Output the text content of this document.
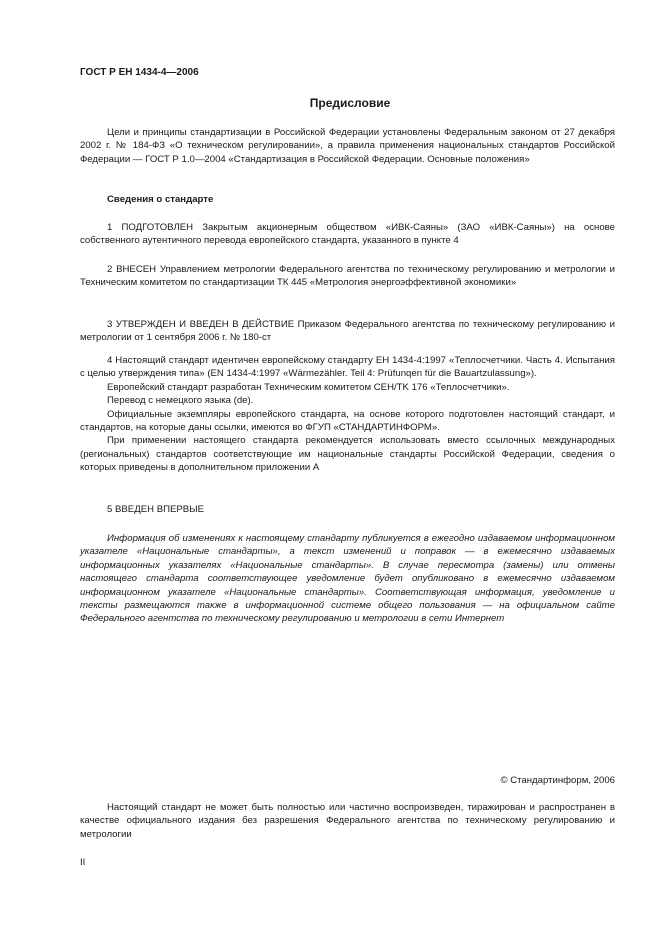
ГОСТ Р ЕН 1434-4—2006
Предисловие

Цели и принципы стандартизации в Российской Федерации установлены Федеральным законом от 27 декабря 2002 г. № 184-ФЗ «О техническом регулировании», а правила применения национальных стандартов Российской Федерации — ГОСТ Р 1.0—2004 «Стандартизация в Российской Федерации. Основные положения»

Сведения о стандарте

1 ПОДГОТОВЛЕН Закрытым акционерным обществом «ИВК-Саяны» (ЗАО «ИВК-Саяны») на основе собственного аутентичного перевода европейского стандарта, указанного в пункте 4

2 ВНЕСЕН Управлением метрологии Федерального агентства по техническому регулированию и метрологии и Техническим комитетом по стандартизации ТК 445 «Метрология энергоэффективной экономики»

3 УТВЕРЖДЕН И ВВЕДЕН В ДЕЙСТВИЕ Приказом Федерального агентства по техническому регулированию и метрологии от 1 сентября 2006 г. № 180-ст

4 Настоящий стандарт идентичен европейскому стандарту ЕН 1434-4:1997 «Теплосчетчики. Часть 4. Испытания с целью утверждения типа» (EN 1434-4:1997 «Wärmezähler. Teil 4: Prüfunqen für die Bauartzulassung»).

Европейский стандарт разработан Техническим комитетом CEH/TK 176 «Теплосчетчики».

Перевод с немецкого языка (de).

Официальные экземпляры европейского стандарта, на основе которого подготовлен настоящий стандарт, и стандартов, на которые даны ссылки, имеются во ФГУП «СТАНДАРТИНФОРМ».

При применении настоящего стандарта рекомендуется использовать вместо ссылочных международных (региональных) стандартов соответствующие им национальные стандарты Российской Федерации, сведения о которых приведены в дополнительном приложении А

5 ВВЕДЕН ВПЕРВЫЕ

Информация об изменениях к настоящему стандарту публикуется в ежегодно издаваемом информационном указателе «Национальные стандарты», а текст изменений и поправок — в ежемесячно издаваемых информационных указателях «Национальные стандарты». В случае пересмотра (замены) или отмены настоящего стандарта соответствующее уведомление будет опубликовано в ежемесячно издаваемом информационном указателе «Национальные стандарты». Соответствующая информация, уведомление и тексты размещаются также в информационной системе общего пользования — на официальном сайте Федерального агентства по техническому регулированию и метрологии в сети Интернет

© Стандартинформ, 2006

Настоящий стандарт не может быть полностью или частично воспроизведен, тиражирован и распространен в качестве официального издания без разрешения Федерального агентства по техническому регулированию и метрологии

II
